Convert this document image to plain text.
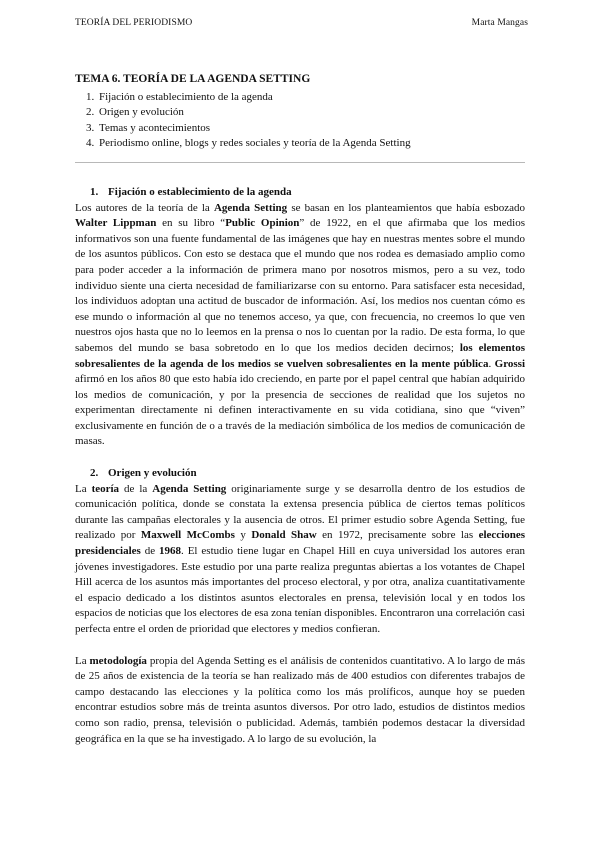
TEORÍA DEL PERIODISMO	Marta Mangas
TEMA 6. TEORÍA DE LA AGENDA SETTING
1. Fijación o establecimiento de la agenda
2. Origen y evolución
3. Temas y acontecimientos
4. Periodismo online, blogs y redes sociales y teoría de la Agenda Setting
1. Fijación o establecimiento de la agenda

Los autores de la teoría de la Agenda Setting se basan en los planteamientos que había esbozado Walter Lippman en su libro “Public Opinion” de 1922, en el que afirmaba que los medios informativos son una fuente fundamental de las imágenes que hay en nuestras mentes sobre el mundo de los asuntos públicos. Con esto se destaca que el mundo que nos rodea es demasiado amplio como para poder acceder a la información de primera mano por nosotros mismos, pero a su vez, todo individuo siente una cierta necesidad de familiarizarse con su entorno. Para satisfacer esta necesidad, los individuos adoptan una actitud de buscador de información. Así, los medios nos cuentan cómo es ese mundo o información al que no tenemos acceso, ya que, con frecuencia, no creemos lo que ven nuestros ojos hasta que no lo leemos en la prensa o nos lo cuentan por la radio. De esta forma, lo que sabemos del mundo se basa sobretodo en lo que los medios deciden decirnos; los elementos sobresalientes de la agenda de los medios se vuelven sobresalientes en la mente pública. Grossi afirmó en los años 80 que esto había ido creciendo, en parte por el papel central que habían adquirido los medios de comunicación, y por la presencia de secciones de realidad que los sujetos no experimentan directamente ni definen interactivamente en su vida cotidiana, sino que “viven” exclusivamente en función de o a través de la mediación simbólica de los medios de comunicación de masas.

2. Origen y evolución

La teoría de la Agenda Setting originariamente surge y se desarrolla dentro de los estudios de comunicación política, donde se constata la extensa presencia pública de ciertos temas políticos durante las campañas electorales y la ausencia de otros. El primer estudio sobre Agenda Setting, fue realizado por Maxwell McCombs y Donald Shaw en 1972, precisamente sobre las elecciones presidenciales de 1968. El estudio tiene lugar en Chapel Hill en cuya universidad los autores eran jóvenes investigadores. Este estudio por una parte realiza preguntas abiertas a los votantes de Chapel Hill acerca de los asuntos más importantes del proceso electoral, y por otra, analiza cuantitativamente el espacio dedicado a los distintos asuntos electorales en prensa, televisión local y en todos los espacios de noticias que los electores de esa zona tenían disponibles. Encontraron una correlación casi perfecta entre el orden de prioridad que electores y medios confieran.

La metodología propia del Agenda Setting es el análisis de contenidos cuantitativo. A lo largo de más de 25 años de existencia de la teoría se han realizado más de 400 estudios con diferentes trabajos de campo destacando las elecciones y la política como los más prolíficos, aunque hoy se pueden encontrar estudios sobre más de treinta asuntos diversos. Por otro lado, estudios de distintos medios como son radio, prensa, televisión o publicidad. Además, también podemos destacar la diversidad geográfica en la que se ha investigado. A lo largo de su evolución, la
